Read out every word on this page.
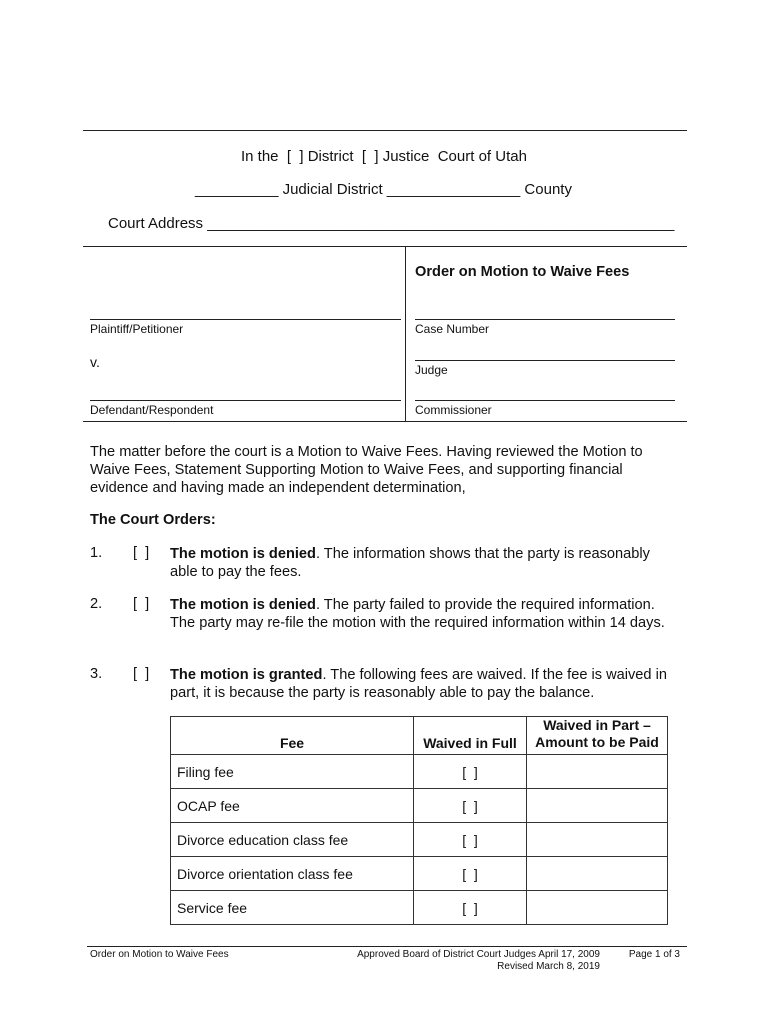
In the  [  ] District  [  ] Justice  Court of Utah
__________ Judicial District ________________ County
Court Address ________________________________________________________
Order on Motion to Waive Fees
Plaintiff/Petitioner
v.
Defendant/Respondent
Case Number
Judge
Commissioner
The matter before the court is a Motion to Waive Fees. Having reviewed the Motion to Waive Fees, Statement Supporting Motion to Waive Fees, and supporting financial evidence and having made an independent determination,
The Court Orders:
1. [  ] The motion is denied. The information shows that the party is reasonably able to pay the fees.
2. [  ] The motion is denied. The party failed to provide the required information. The party may re-file the motion with the required information within 14 days.
3. [  ] The motion is granted. The following fees are waived. If the fee is waived in part, it is because the party is reasonably able to pay the balance.
Fee	Waived in Full	Waived in Part – Amount to be Paid
Filing fee	[  ]	
OCAP fee	[  ]	
Divorce education class fee	[  ]	
Divorce orientation class fee	[  ]	
Service fee	[  ]	
Order on Motion to Waive Fees	Approved Board of District Court Judges April 17, 2009
Revised March 8, 2019
Page 1 of 3
